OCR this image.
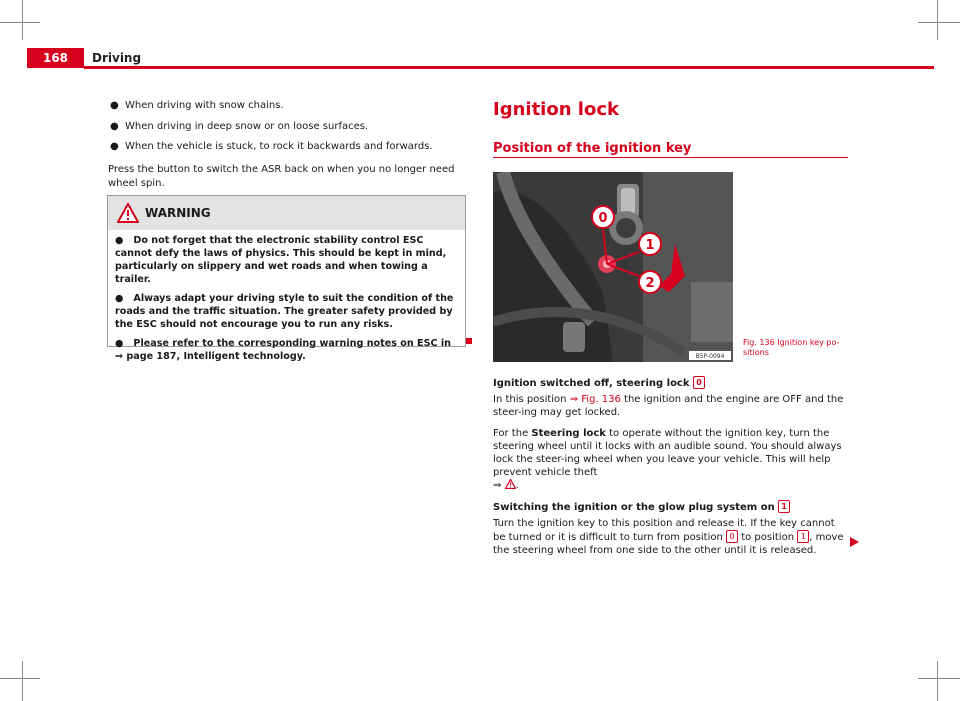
168	Driving
● When driving with snow chains.
● When driving in deep snow or on loose surfaces.
● When the vehicle is stuck, to rock it backwards and forwards.
Press the button to switch the ASR back on when you no longer need wheel spin.
WARNING
●   Do not forget that the electronic stability control ESC cannot defy the laws of physics. This should be kept in mind, particularly on slippery and wet roads and when towing a trailer.
●   Always adapt your driving style to suit the condition of the roads and the traffic situation. The greater safety provided by the ESC should not encourage you to run any risks.
●   Please refer to the corresponding warning notes on ESC in
⇒ page 187, Intelligent technology.
Ignition lock
Position of the ignition key
0
1
2
B5P-0094
Fig. 136 Ignition key po-
sitions
Ignition switched off, steering lock 0
In this position ⇒ Fig. 136 the ignition and the engine are OFF and the steer-ing may get locked.
For the Steering lock to operate without the ignition key, turn the steering wheel until it locks with an audible sound. You should always lock the steer-ing wheel when you leave your vehicle. This will help prevent vehicle theft
⇒ .
Switching the ignition or the glow plug system on 1
Turn the ignition key to this position and release it. If the key cannot be turned or it is difficult to turn from position 0 to position 1 , move the steering wheel from one side to the other until it is released.
